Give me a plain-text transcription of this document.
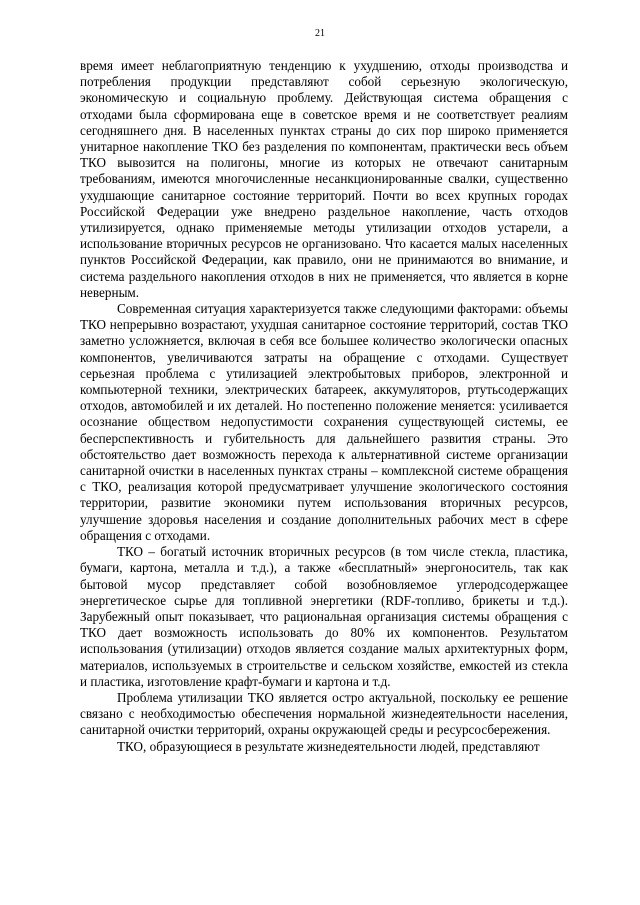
21

время имеет неблагоприятную тенденцию к ухудшению, отходы производства и потребления продукции представляют собой серьезную экологическую, экономическую и социальную проблему. Действующая система обращения с отходами была сформирована еще в советское время и не соответствует реалиям сегодняшнего дня. В населенных пунктах страны до сих пор широко применяется унитарное накопление ТКО без разделения по компонентам, практически весь объем ТКО вывозится на полигоны, многие из которых не отвечают санитарным требованиям, имеются многочисленные несанкционированные свалки, существенно ухудшающие санитарное состояние территорий. Почти во всех крупных городах Российской Федерации уже внедрено раздельное накопление, часть отходов утилизируется, однако применяемые методы утилизации отходов устарели, а использование вторичных ресурсов не организовано. Что касается малых населенных пунктов Российской Федерации, как правило, они не принимаются во внимание, и система раздельного накопления отходов в них не применяется, что является в корне неверным.

Современная ситуация характеризуется также следующими факторами: объемы ТКО непрерывно возрастают, ухудшая санитарное состояние территорий, состав ТКО заметно усложняется, включая в себя все большее количество экологически опасных компонентов, увеличиваются затраты на обращение с отходами. Существует серьезная проблема с утилизацией электробытовых приборов, электронной и компьютерной техники, электрических батареек, аккумуляторов, ртутьсодержащих отходов, автомобилей и их деталей. Но постепенно положение меняется: усиливается осознание обществом недопустимости сохранения существующей системы, ее бесперспективность и губительность для дальнейшего развития страны. Это обстоятельство дает возможность перехода к альтернативной системе организации санитарной очистки в населенных пунктах страны – комплексной системе обращения с ТКО, реализация которой предусматривает улучшение экологического состояния территории, развитие экономики путем использования вторичных ресурсов, улучшение здоровья населения и создание дополнительных рабочих мест в сфере обращения с отходами.

ТКО – богатый источник вторичных ресурсов (в том числе стекла, пластика, бумаги, картона, металла и т.д.), а также «бесплатный» энергоноситель, так как бытовой мусор представляет собой возобновляемое углеродсодержащее энергетическое сырье для топливной энергетики (RDF-топливо, брикеты и т.д.). Зарубежный опыт показывает, что рациональная организация системы обращения с ТКО дает возможность использовать до 80% их компонентов. Результатом использования (утилизации) отходов является создание малых архитектурных форм, материалов, используемых в строительстве и сельском хозяйстве, емкостей из стекла и пластика, изготовление крафт-бумаги и картона и т.д.

Проблема утилизации ТКО является остро актуальной, поскольку ее решение связано с необходимостью обеспечения нормальной жизнедеятельности населения, санитарной очистки территорий, охраны окружающей среды и ресурсосбережения.

ТКО, образующиеся в результате жизнедеятельности людей, представляют
